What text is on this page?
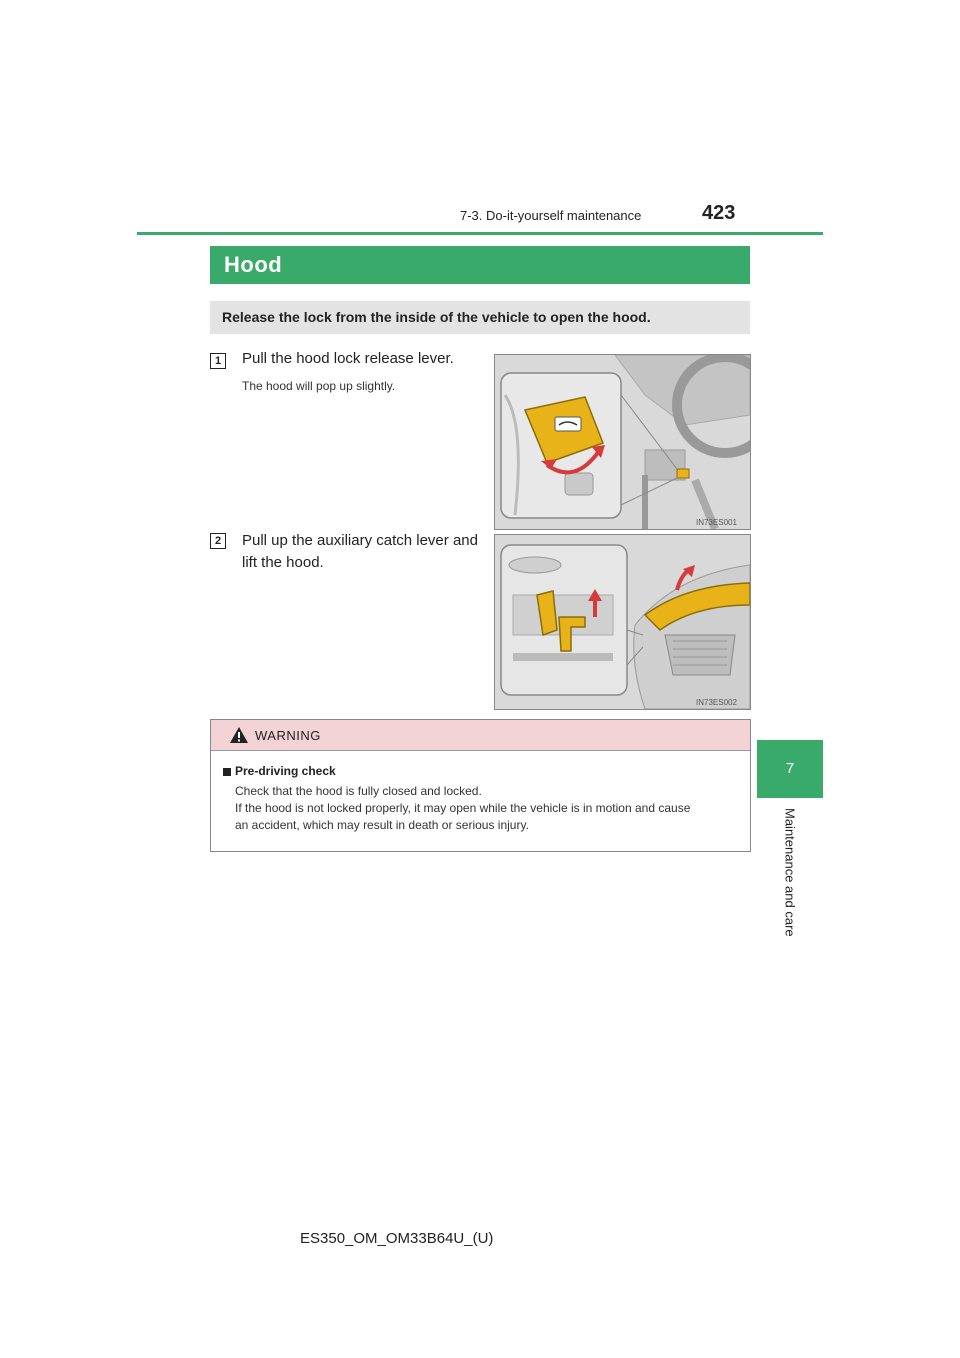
7-3. Do-it-yourself maintenance	423
7
Maintenance and care
Hood
Release the lock from the inside of the vehicle to open the hood.
1	Pull the hood lock release lever.
The hood will pop up slightly.
IN73ES001
2	Pull up the auxiliary catch lever and
lift the hood.
IN73ES002
WARNING
Pre-driving check
Check that the hood is fully closed and locked.
If the hood is not locked properly, it may open while the vehicle is in motion and cause
an accident, which may result in death or serious injury.
ES350_OM_OM33B64U_(U)
